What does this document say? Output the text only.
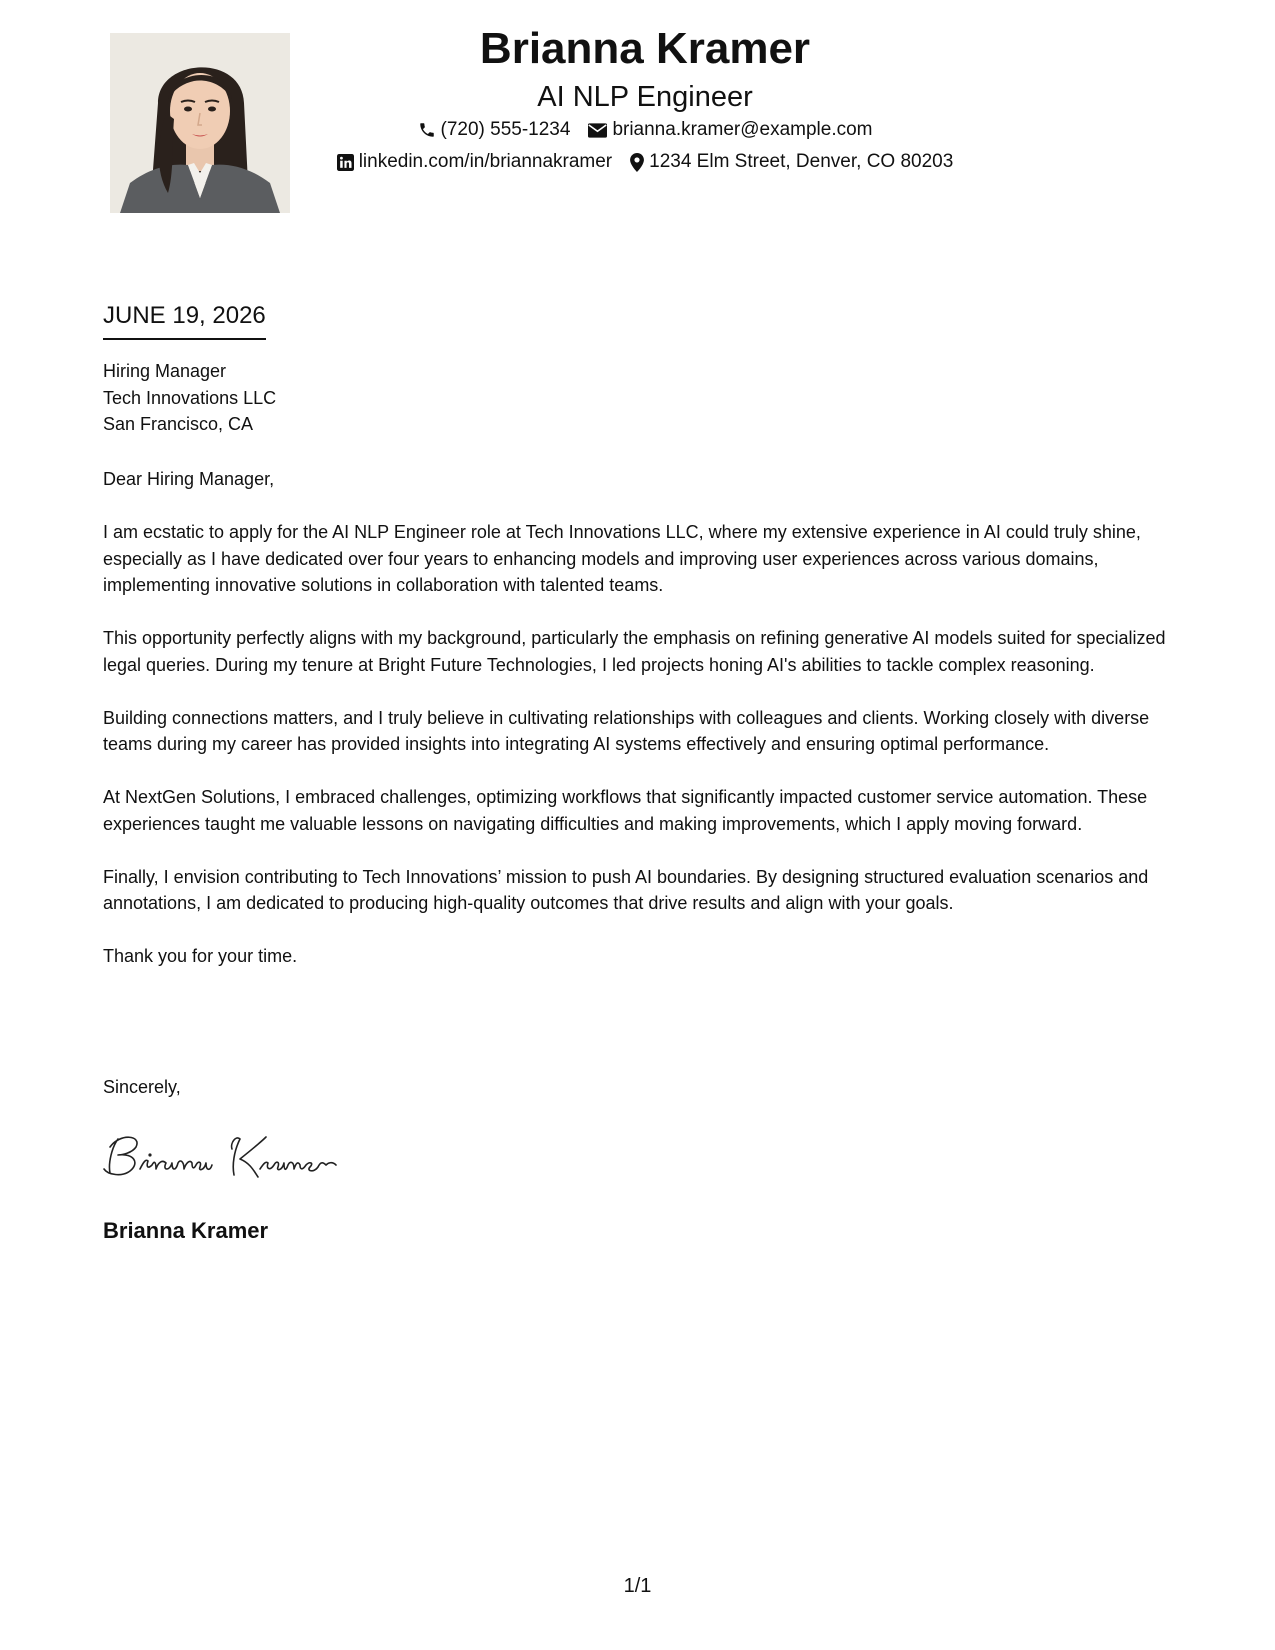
Brianna Kramer
AI NLP Engineer
(720) 555-1234 brianna.kramer@example.com
linkedin.com/in/briannakramer 1234 Elm Street, Denver, CO 80203
JUNE 19, 2026
Hiring Manager
Tech Innovations LLC
San Francisco, CA

Dear Hiring Manager,

I am ecstatic to apply for the AI NLP Engineer role at Tech Innovations LLC, where my extensive experience in AI could truly shine, especially as I have dedicated over four years to enhancing models and improving user experiences across various domains, implementing innovative solutions in collaboration with talented teams.

This opportunity perfectly aligns with my background, particularly the emphasis on refining generative AI models suited for specialized legal queries. During my tenure at Bright Future Technologies, I led projects honing AI's abilities to tackle complex reasoning.

Building connections matters, and I truly believe in cultivating relationships with colleagues and clients. Working closely with diverse teams during my career has provided insights into integrating AI systems effectively and ensuring optimal performance.

At NextGen Solutions, I embraced challenges, optimizing workflows that significantly impacted customer service automation. These experiences taught me valuable lessons on navigating difficulties and making improvements, which I apply moving forward.

Finally, I envision contributing to Tech Innovations’ mission to push AI boundaries. By designing structured evaluation scenarios and annotations, I am dedicated to producing high-quality outcomes that drive results and align with your goals.

Thank you for your time.

Sincerely,
Brianna Kramer
1/1
